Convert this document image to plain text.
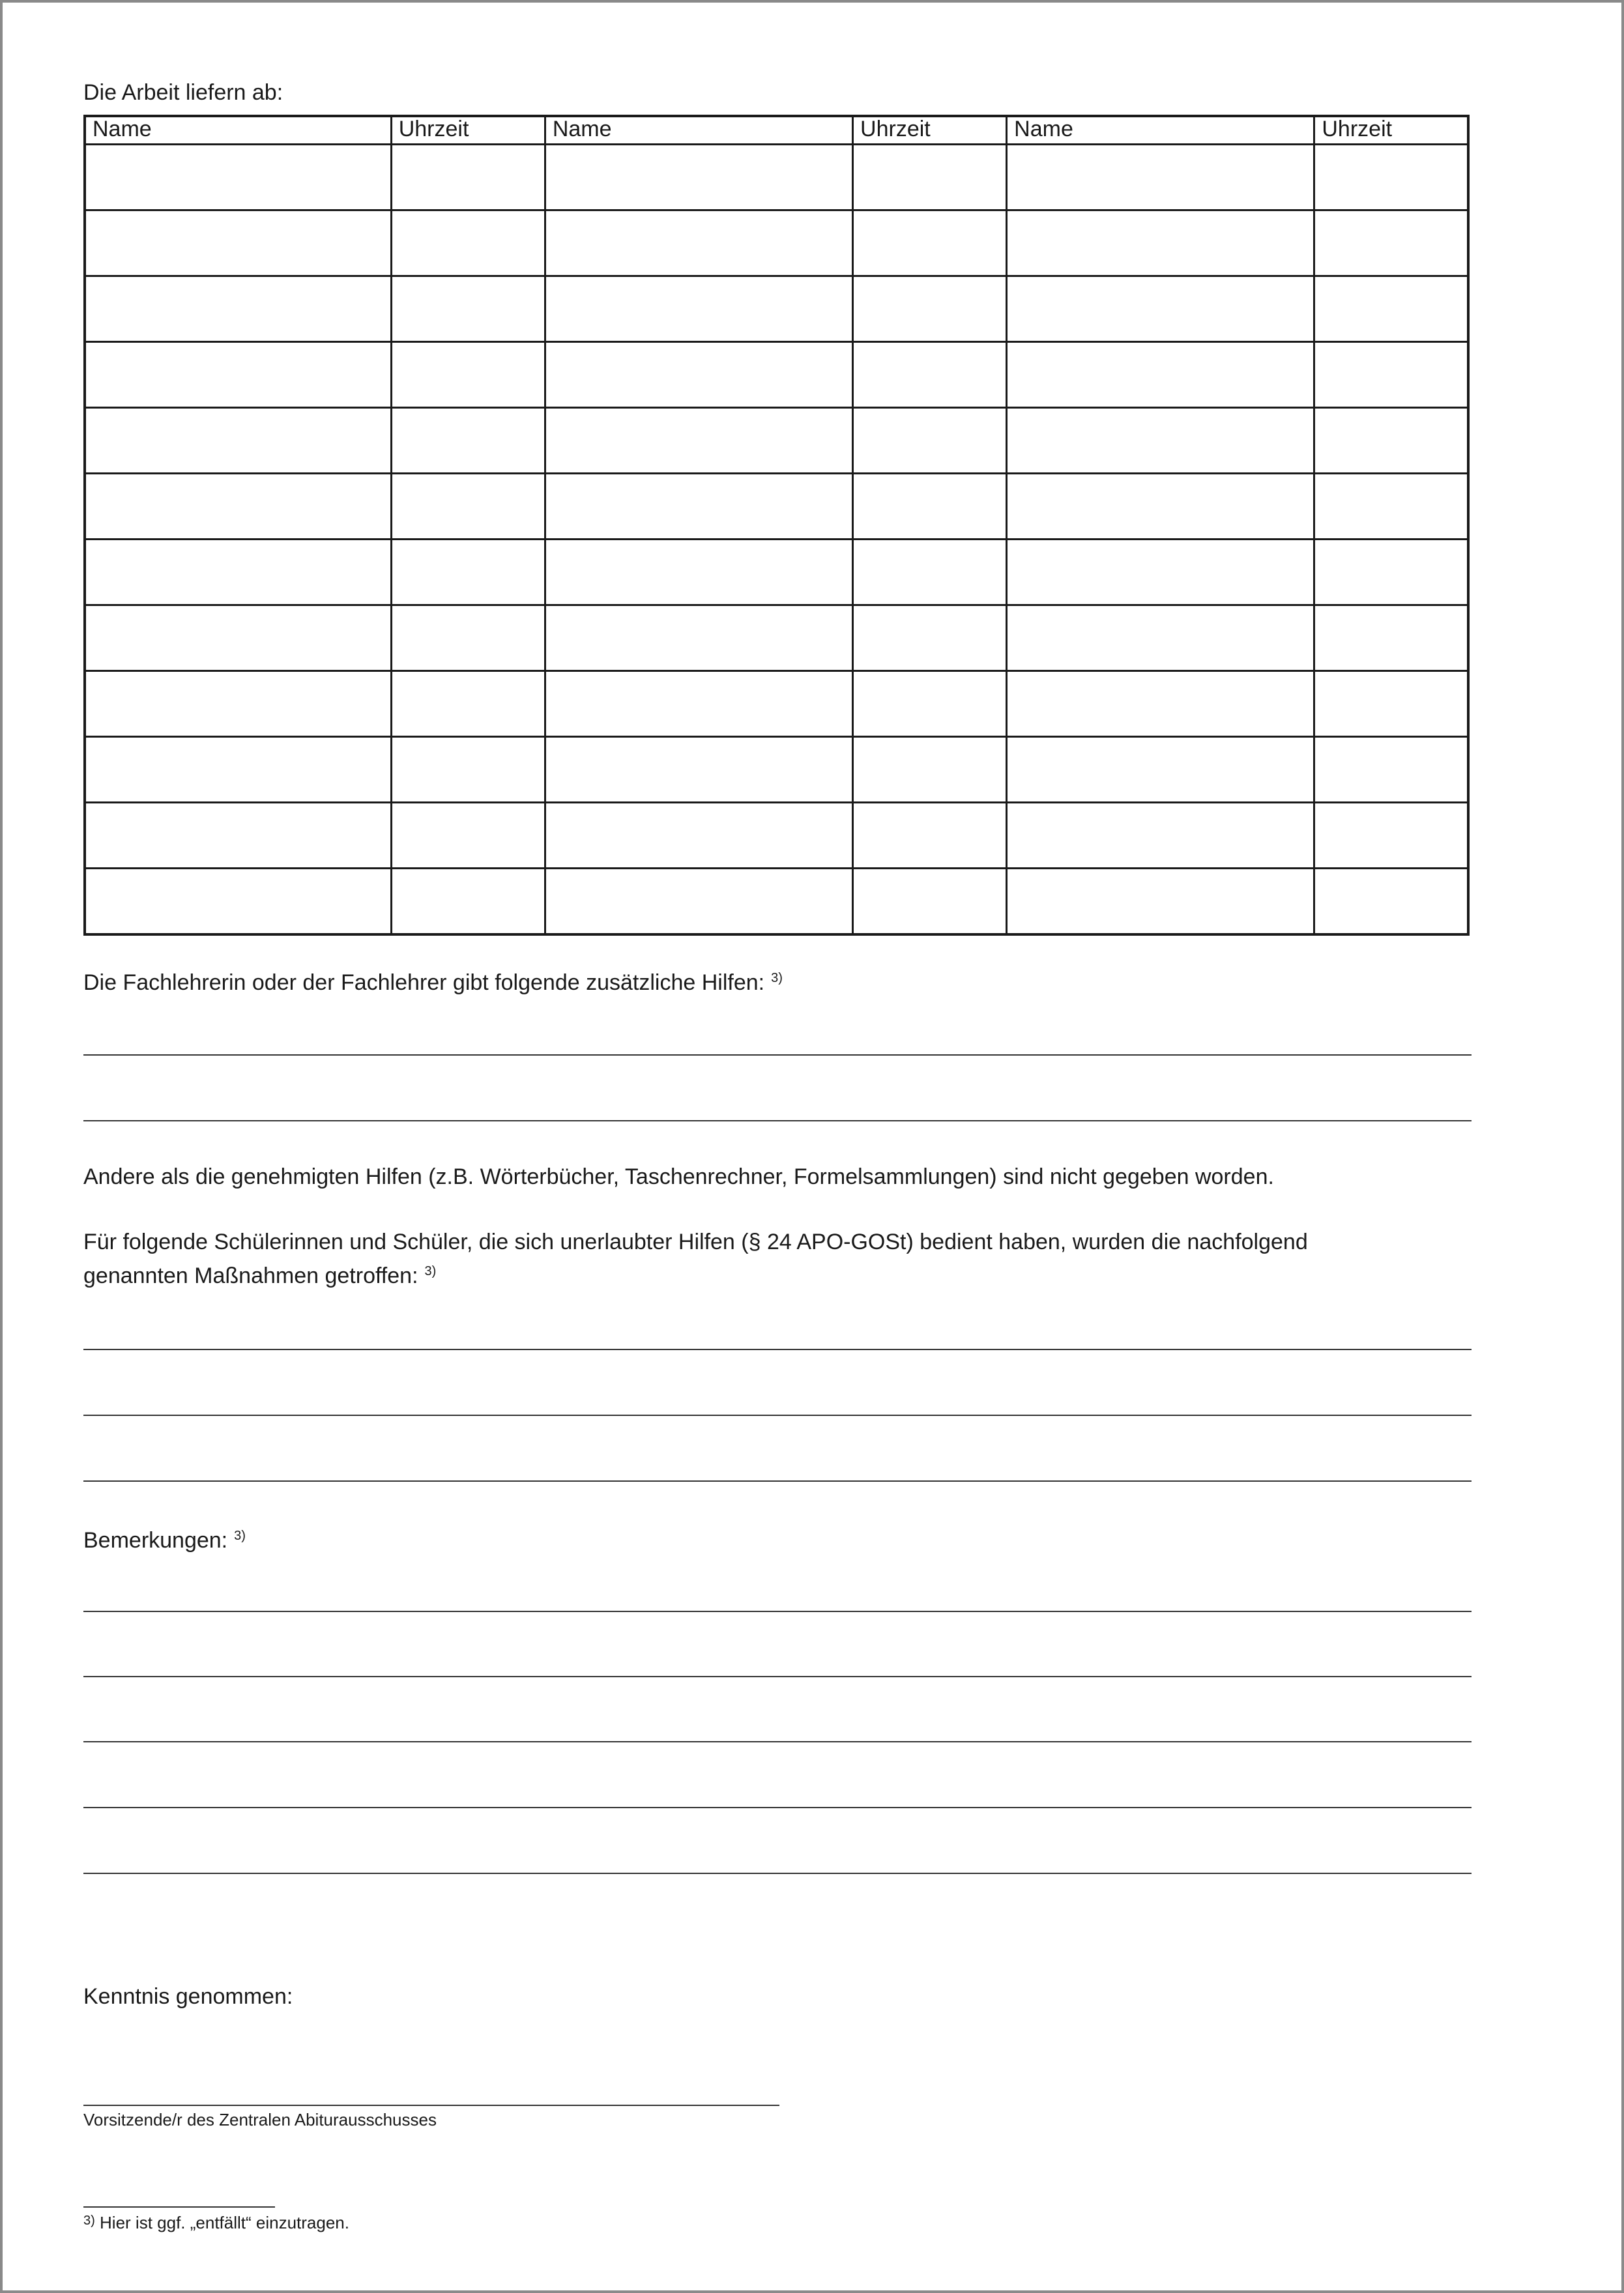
Die Arbeit liefern ab:
Name	Uhrzeit	Name	Uhrzeit	Name	Uhrzeit

Die Fachlehrerin oder der Fachlehrer gibt folgende zusätzliche Hilfen: $^{3)}$
Andere als die genehmigten Hilfen (z.B. Wörterbücher, Taschenrechner, Formelsammlungen) sind nicht gegeben worden.
Für folgende Schülerinnen und Schüler, die sich unerlaubter Hilfen (§ 24 APO-GOSt) bedient haben, wurden die nachfolgend
genannten Maßnahmen getroffen: $^{3)}$
Bemerkungen: $^{3)}$
Kenntnis genommen:
Vorsitzende/r des Zentralen Abiturausschusses
$^{3)}$ Hier ist ggf. „entfällt“ einzutragen.
